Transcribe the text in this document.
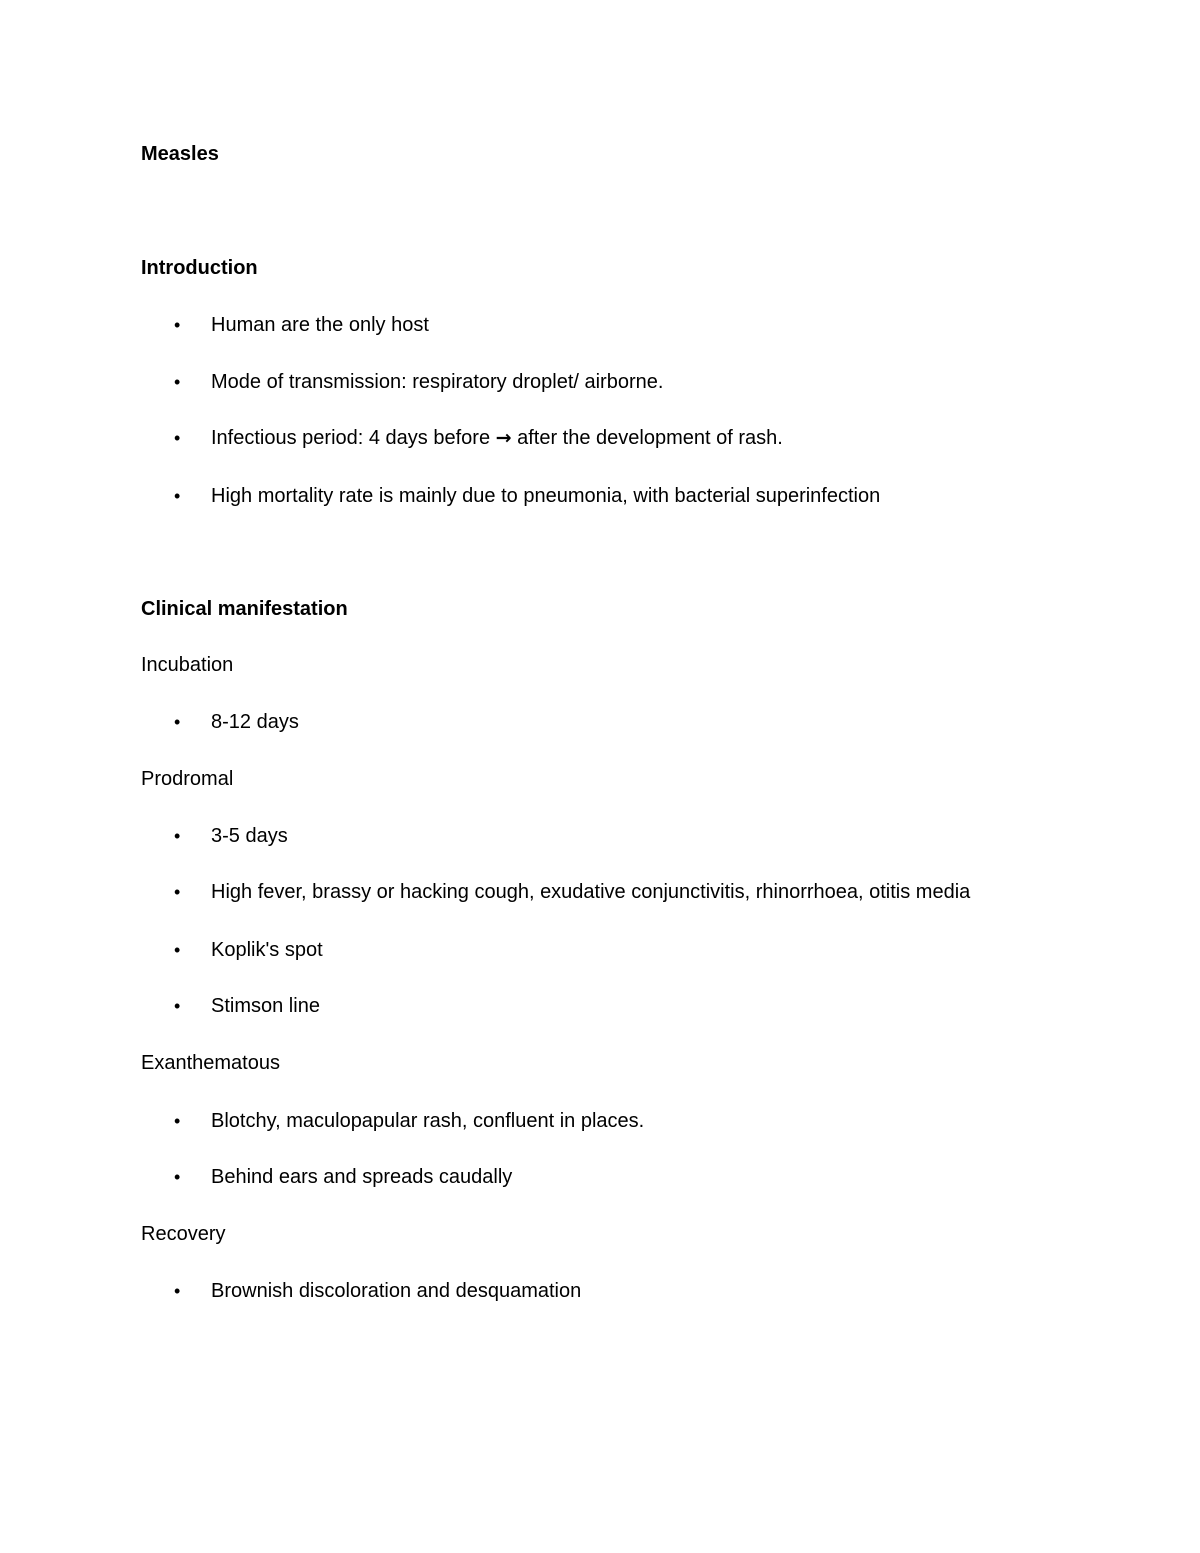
Measles
Introduction
• Human are the only host
• Mode of transmission: respiratory droplet/ airborne.
• Infectious period: 4 days before → after the development of rash.
• High mortality rate is mainly due to pneumonia, with bacterial superinfection
Clinical manifestation
Incubation
• 8-12 days
Prodromal
• 3-5 days
• High fever, brassy or hacking cough, exudative conjunctivitis, rhinorrhoea, otitis media
• Koplik's spot
• Stimson line
Exanthematous
• Blotchy, maculopapular rash, confluent in places.
• Behind ears and spreads caudally
Recovery
• Brownish discoloration and desquamation
